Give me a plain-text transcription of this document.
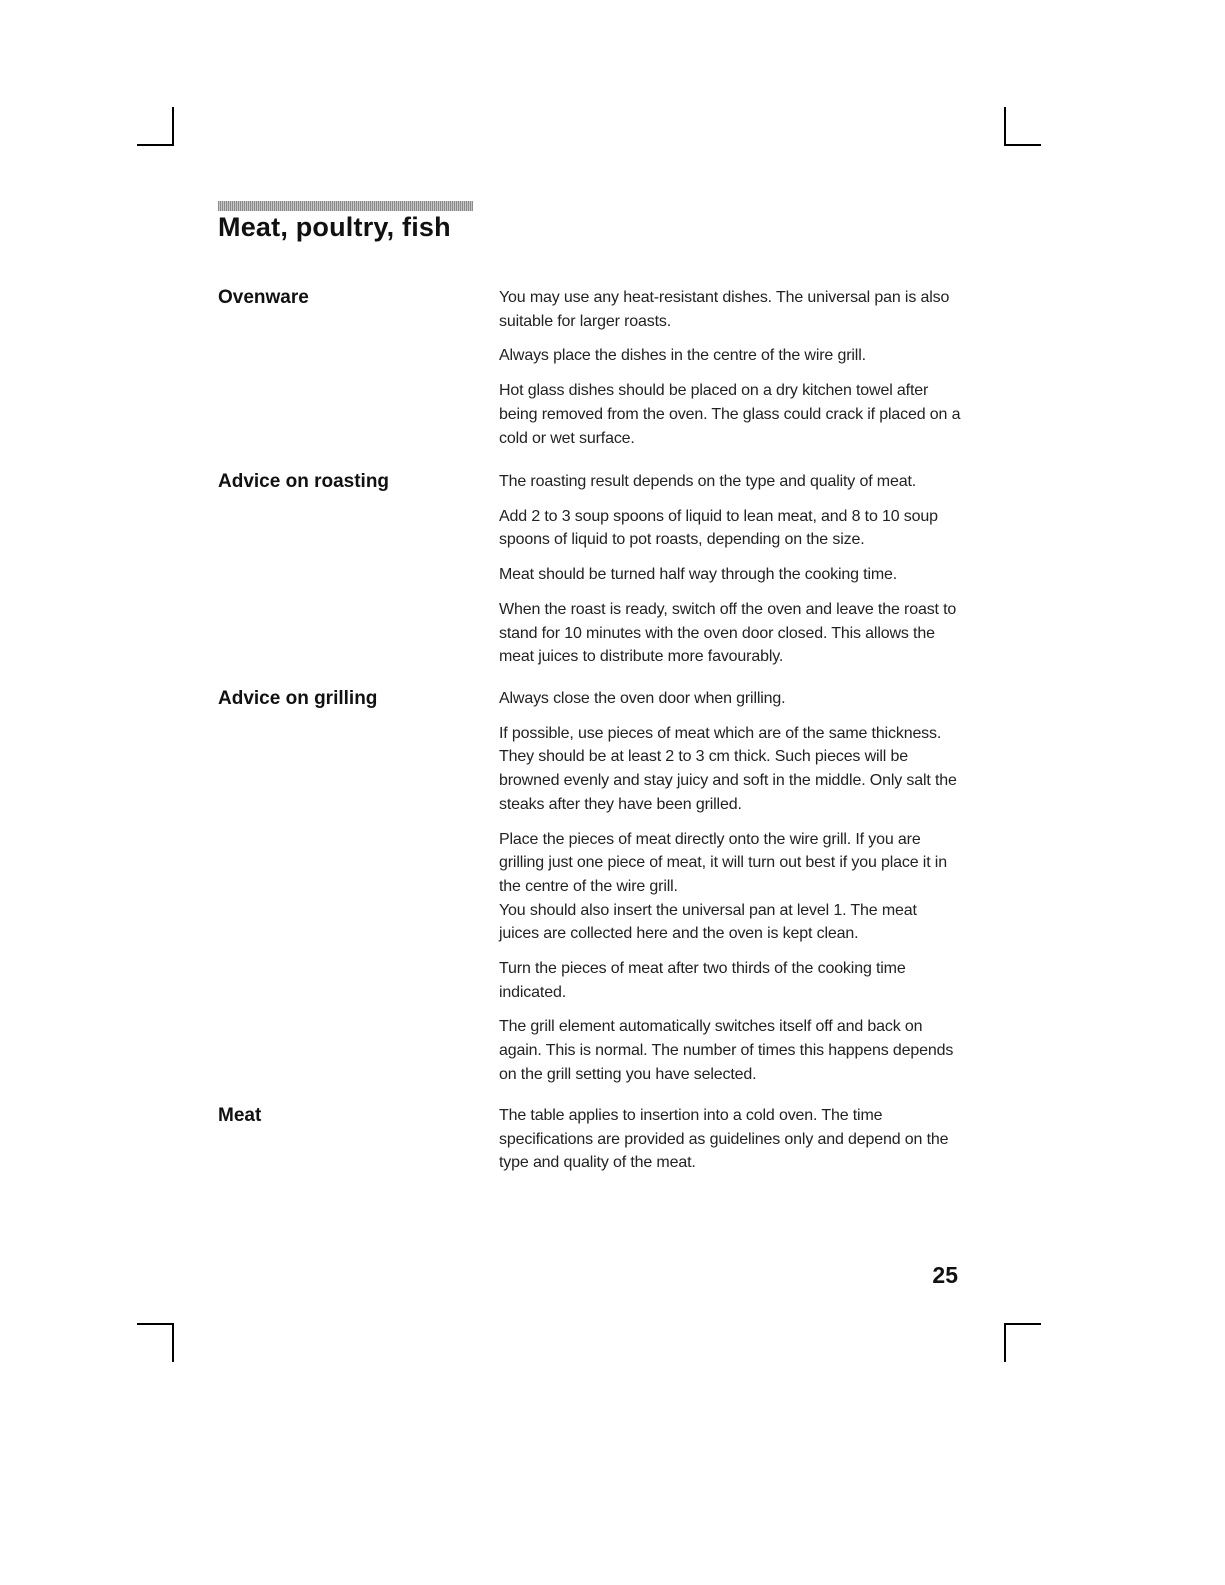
Meat, poultry, fish
Ovenware	You may use any heat-resistant dishes. The universal pan is also suitable for larger roasts.

Always place the dishes in the centre of the wire grill.

Hot glass dishes should be placed on a dry kitchen towel after being removed from the oven. The glass could crack if placed on a cold or wet surface.

Advice on roasting	The roasting result depends on the type and quality of meat.

Add 2 to 3 soup spoons of liquid to lean meat, and 8 to 10 soup spoons of liquid to pot roasts, depending on the size.

Meat should be turned half way through the cooking time.

When the roast is ready, switch off the oven and leave the roast to stand for 10 minutes with the oven door closed. This allows the meat juices to distribute more favourably.

Advice on grilling	Always close the oven door when grilling.

If possible, use pieces of meat which are of the same thickness. They should be at least 2 to 3 cm thick. Such pieces will be browned evenly and stay juicy and soft in the middle. Only salt the steaks after they have been grilled.

Place the pieces of meat directly onto the wire grill. If you are grilling just one piece of meat, it will turn out best if you place it in the centre of the wire grill.

You should also insert the universal pan at level 1. The meat juices are collected here and the oven is kept clean.

Turn the pieces of meat after two thirds of the cooking time indicated.

The grill element automatically switches itself off and back on again. This is normal. The number of times this happens depends on the grill setting you have selected.

Meat	The table applies to insertion into a cold oven. The time specifications are provided as guidelines only and depend on the type and quality of the meat.

25
